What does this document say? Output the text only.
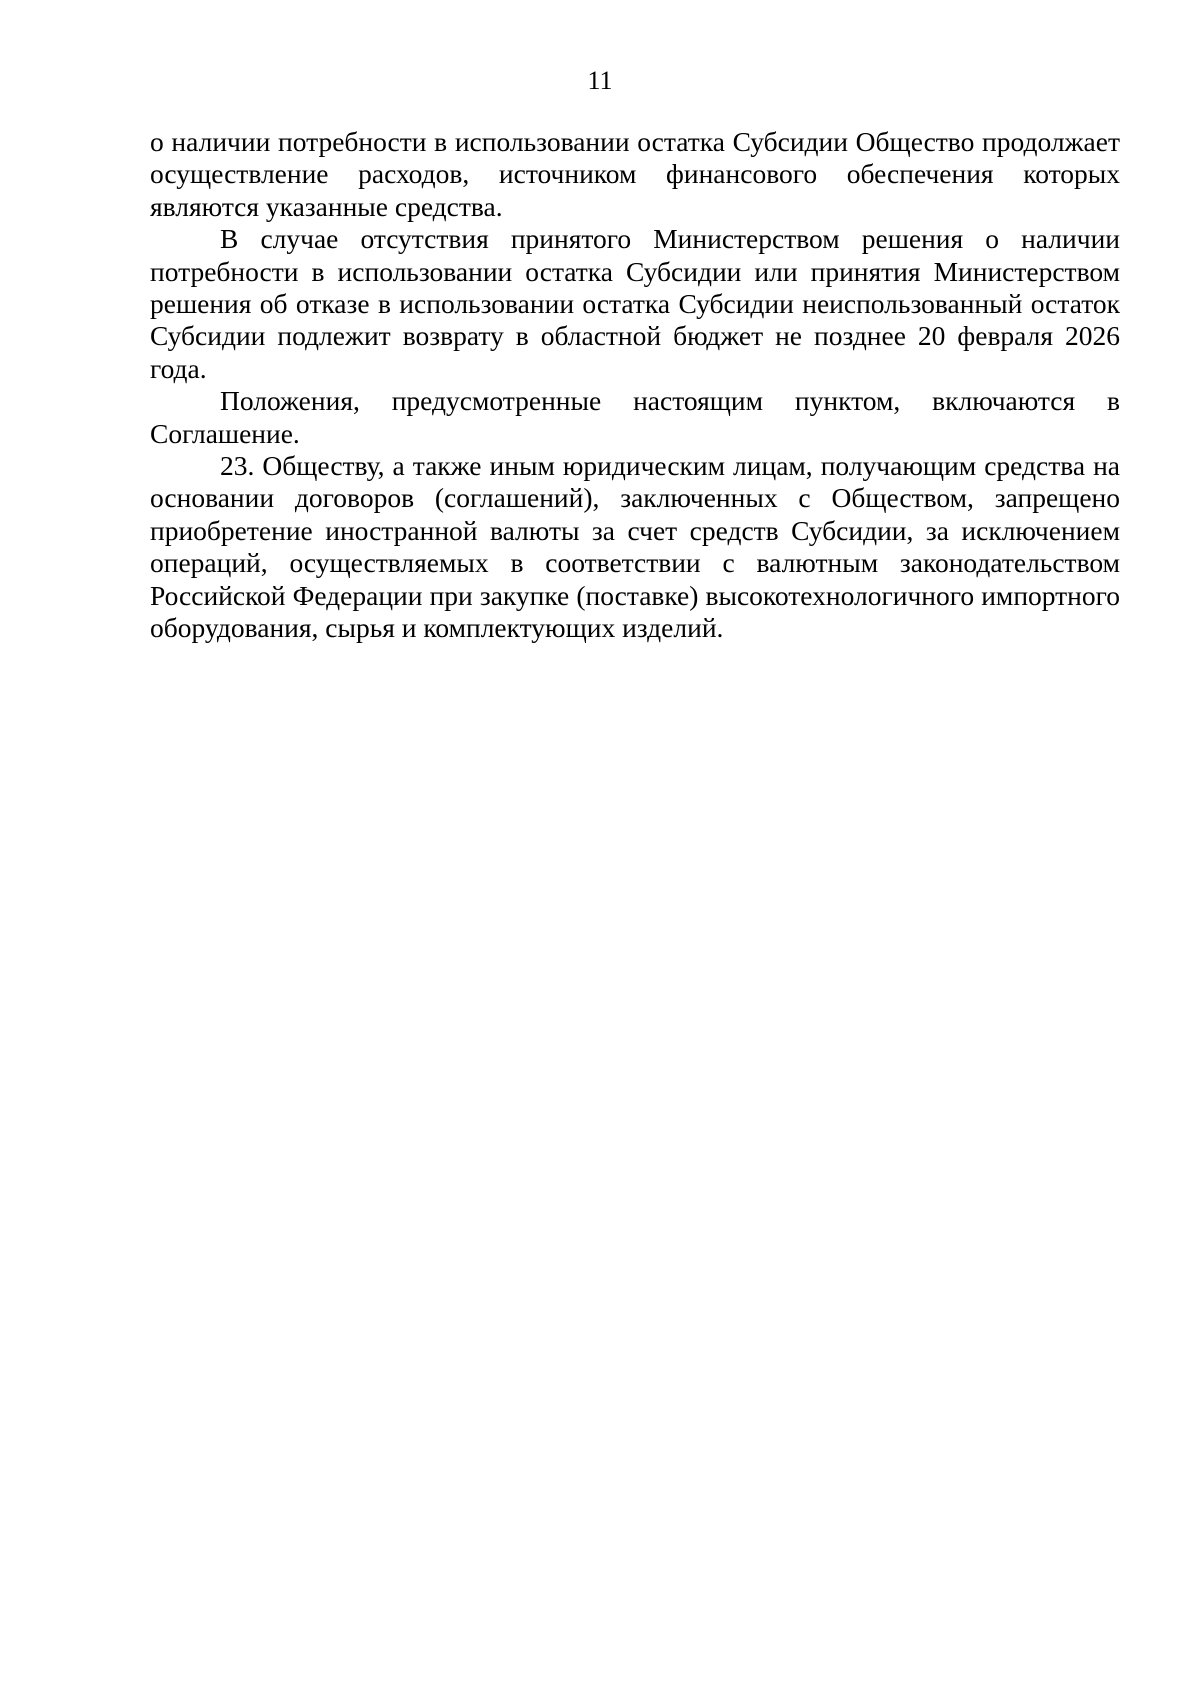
11

о наличии потребности в использовании остатка Субсидии Общество продолжает осуществление расходов, источником финансового обеспечения которых являются указанные средства.

В случае отсутствия принятого Министерством решения о наличии потребности в использовании остатка Субсидии или принятия Министерством решения об отказе в использовании остатка Субсидии неиспользованный остаток Субсидии подлежит возврату в областной бюджет не позднее 20 февраля 2026 года.

Положения, предусмотренные настоящим пунктом, включаются в Соглашение.

23. Обществу, а также иным юридическим лицам, получающим средства на основании договоров (соглашений), заключенных с Обществом, запрещено приобретение иностранной валюты за счет средств Субсидии, за исключением операций, осуществляемых в соответствии с валютным законодательством Российской Федерации при закупке (поставке) высокотехнологичного импортного оборудования, сырья и комплектующих изделий.
